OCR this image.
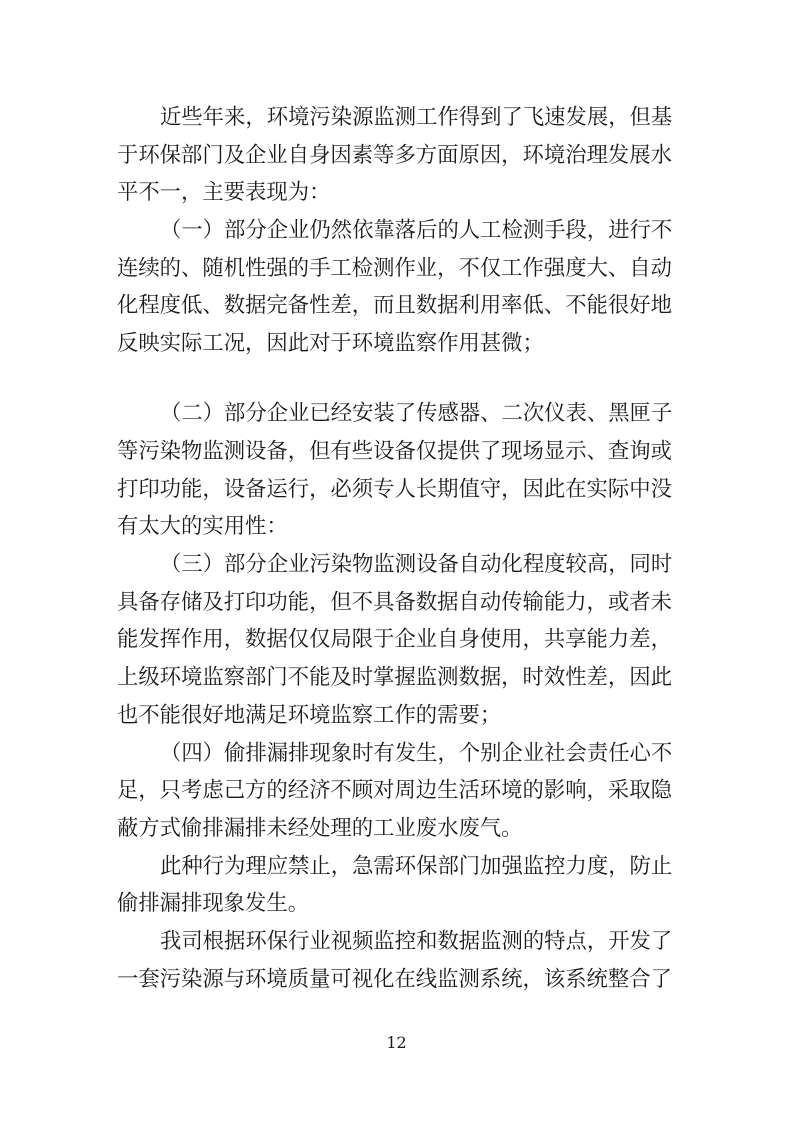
近些年来，环境污染源监测工作得到了飞速发展，但基
于环保部门及企业自身因素等多方面原因，环境治理发展水
平不一，主要表现为：
（一）部分企业仍然依靠落后的人工检测手段，进行不
连续的、随机性强的手工检测作业，不仅工作强度大、自动
化程度低、数据完备性差，而且数据利用率低、不能很好地
反映实际工况，因此对于环境监察作用甚微；
（二）部分企业已经安装了传感器、二次仪表、黑匣子
等污染物监测设备，但有些设备仅提供了现场显示、查询或
打印功能，设备运行，必须专人长期值守，因此在实际中没
有太大的实用性：
（三）部分企业污染物监测设备自动化程度较高，同时
具备存储及打印功能，但不具备数据自动传输能力，或者未
能发挥作用，数据仅仅局限于企业自身使用，共享能力差，
上级环境监察部门不能及时掌握监测数据，时效性差，因此
也不能很好地满足环境监察工作的需要；
（四）偷排漏排现象时有发生，个别企业社会责任心不
足，只考虑己方的经济不顾对周边生活环境的影响，采取隐
蔽方式偷排漏排未经处理的工业废水废气。
此种行为理应禁止，急需环保部门加强监控力度，防止
偷排漏排现象发生。
我司根据环保行业视频监控和数据监测的特点，开发了
一套污染源与环境质量可视化在线监测系统，该系统整合了
12
